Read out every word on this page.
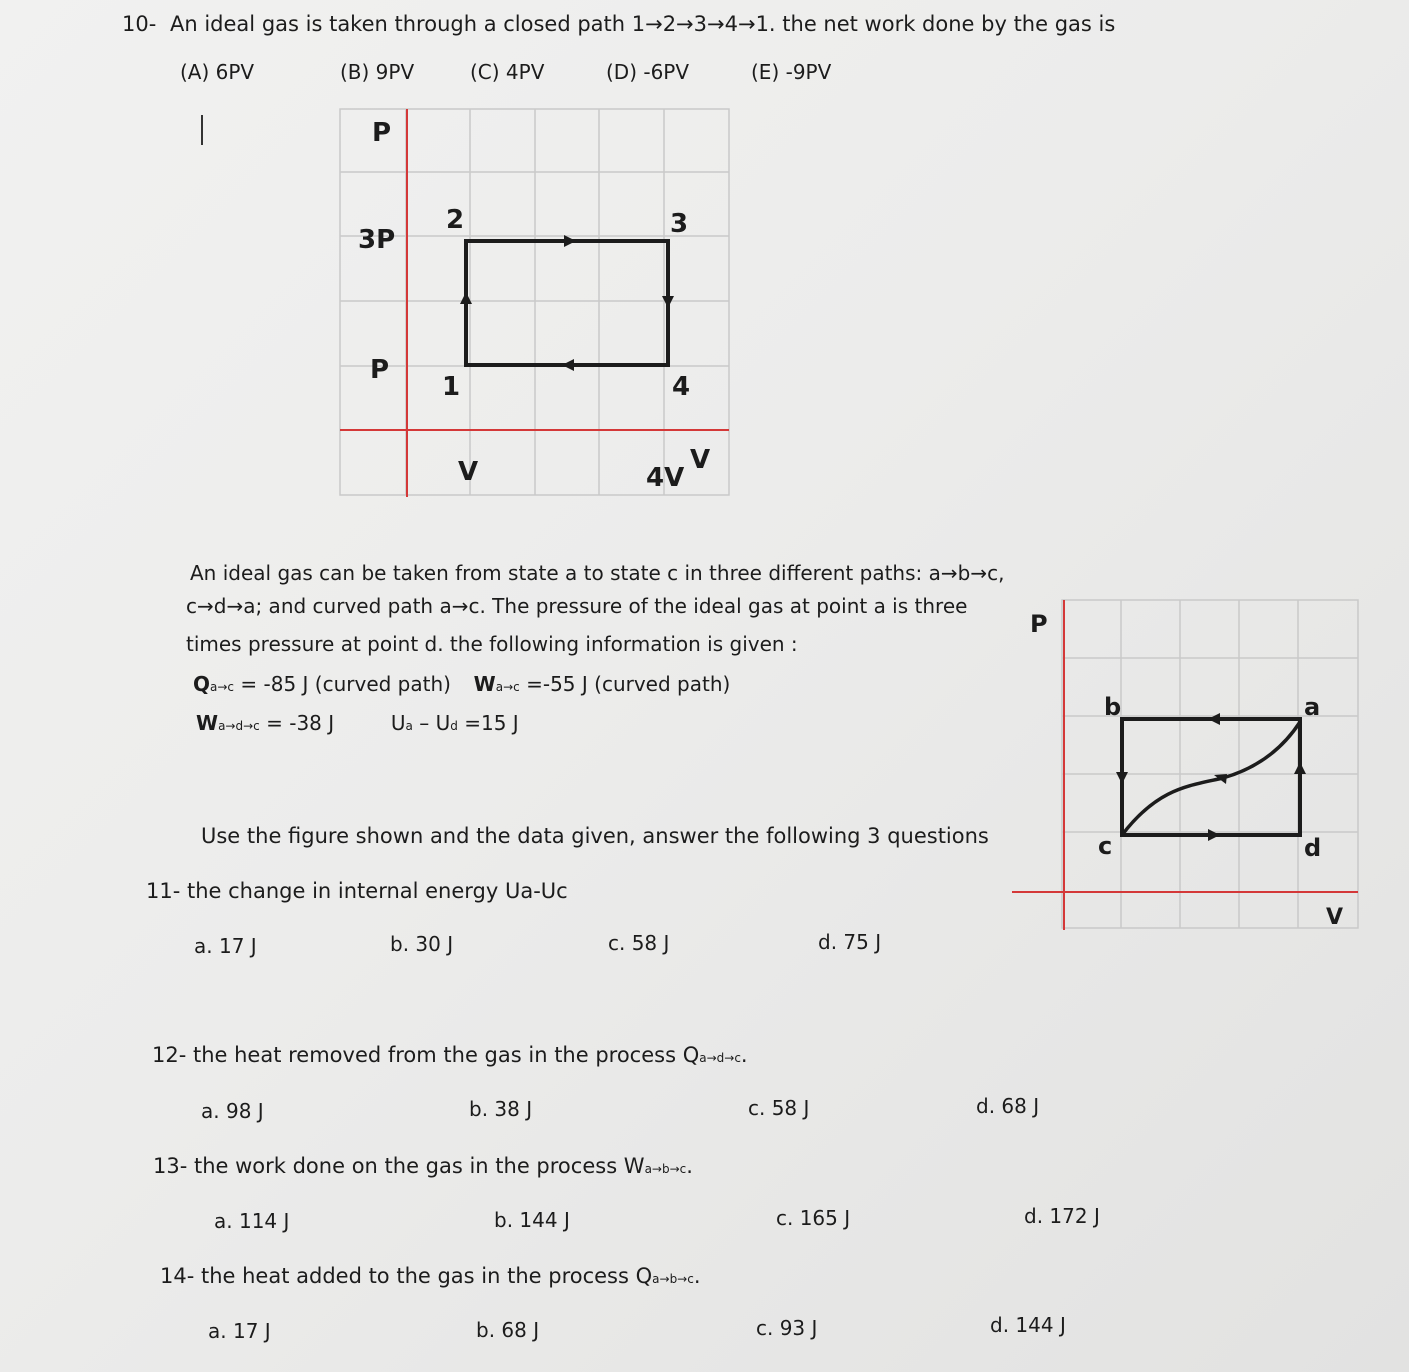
10- An ideal gas is taken through a closed path 1→2→3→4→1. the net work done by the gas is
(A) 6PV	(B) 9PV	(C) 4PV	(D) -6PV	(E) -9PV
P
V
3P
P
V	4V
1
2	3
4
An ideal gas can be taken from state a to state c in three different paths: a→b→c,
c→d→a; and curved path a→c. The pressure of the ideal gas at point a is three
times pressure at point d. the following information is given :
Qa→c = -85 J (curved path) Wa→c =-55 J (curved path)
Wa→d→c = -38 J	Ua – Ud =15 J
Use the figure shown and the data given, answer the following 3 questions
P
V
a
b
c	d
11- the change in internal energy Ua-Uc
a. 17 J	b. 30 J	c. 58 J	d. 75 J
12- the heat removed from the gas in the process Qa→d→c.
a. 98 J	b. 38 J	c. 58 J	d. 68 J
13- the work done on the gas in the process Wa→b→c.
a. 114 J	b. 144 J	c. 165 J	d. 172 J
14- the heat added to the gas in the process Qa→b→c.
a. 17 J	b. 68 J	c. 93 J	d. 144 J
